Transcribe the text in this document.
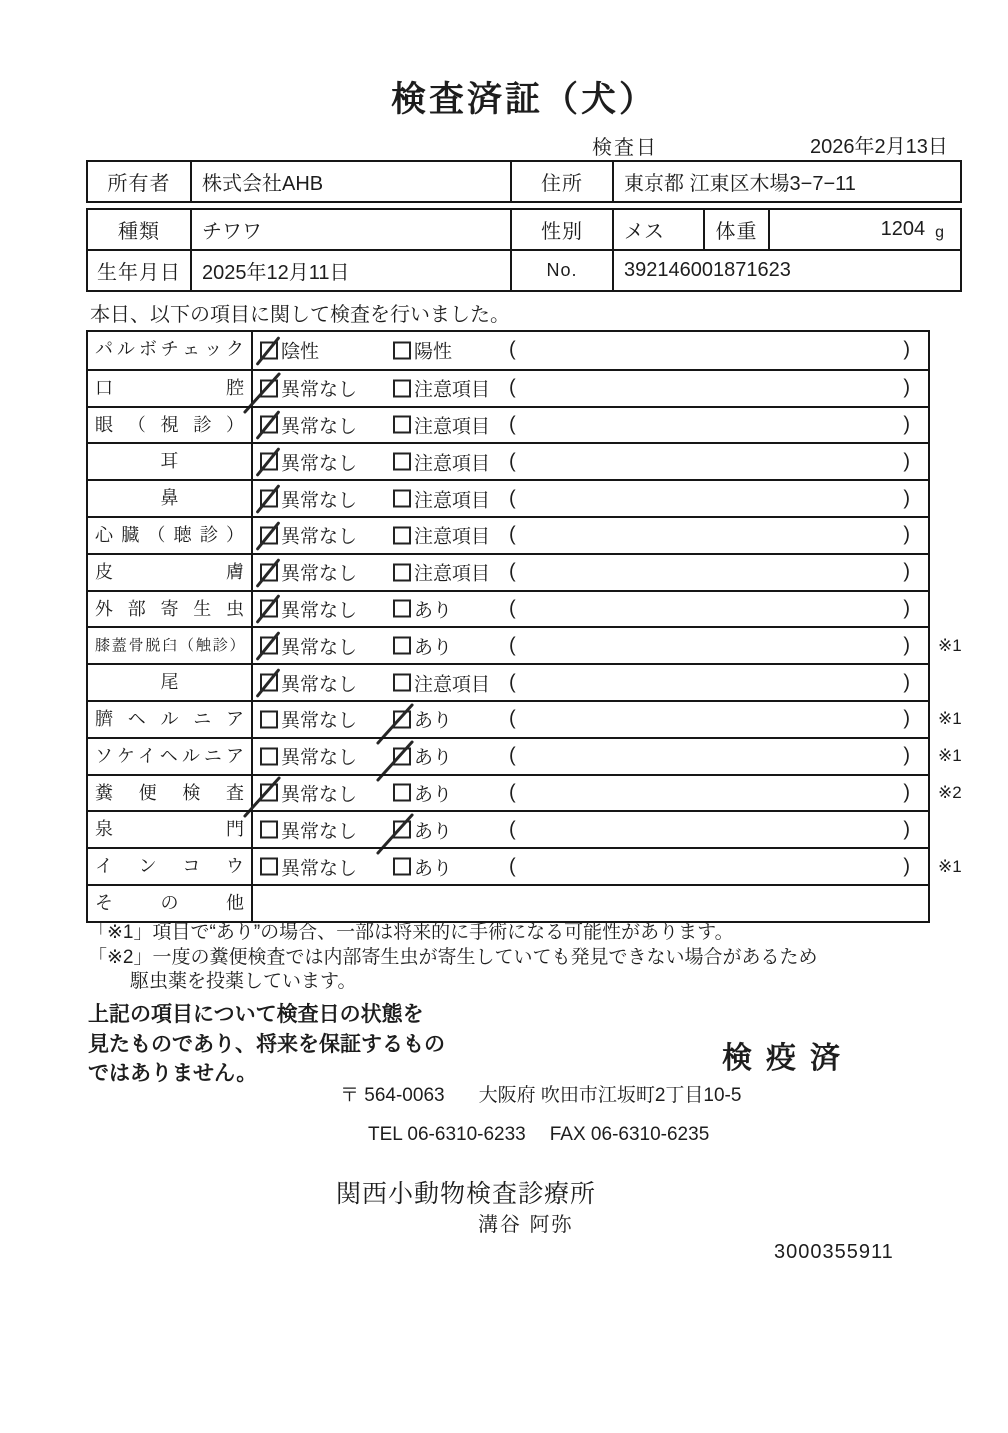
検査済証（犬）
検査日	2026年2月13日
所有者	株式会社AHB	住所	東京都 江東区木場3−7−11
種類	チワワ	性別	メス	体重	1204 g
生年月日	2025年12月11日	No.	392146001871623
本日、以下の項目に関して検査を行いました。
パルボチェック	陰性	陽性	(	)
口腔	異常なし	注意項目 (	)
眼（視診）	異常なし	注意項目 (	)
耳	異常なし	注意項目 (	)
鼻	異常なし	注意項目 (	)
心臓（聴診）	異常なし	注意項目 (	)
皮膚	異常なし	注意項目 (	)
外部寄生虫	異常なし	あり	(	)
膝蓋骨脱臼（触診）	異常なし	あり	(	) ※1
尾	異常なし	注意項目 (	)
臍ヘルニア	異常なし	あり	(	) ※1
ソケイヘルニア	異常なし	あり	(	) ※1
糞便検査	異常なし	あり	(	) ※2
泉門	異常なし	あり	(	)
インコウ	異常なし	あり	(	) ※1
その他
「※1」項目で“あり”の場合、一部は将来的に手術になる可能性があります。
「※2」一度の糞便検査では内部寄生虫が寄生していても発見できない場合があるため
駆虫薬を投薬しています。
上記の項目について検査日の状態を
見たものであり、将来を保証するもの
ではありません。	検疫済
〒 564-0063 大阪府 吹田市江坂町2丁目10-5
TEL 06-6310-6233 FAX 06-6310-6235
関西小動物検査診療所
溝谷 阿弥
3000355911
